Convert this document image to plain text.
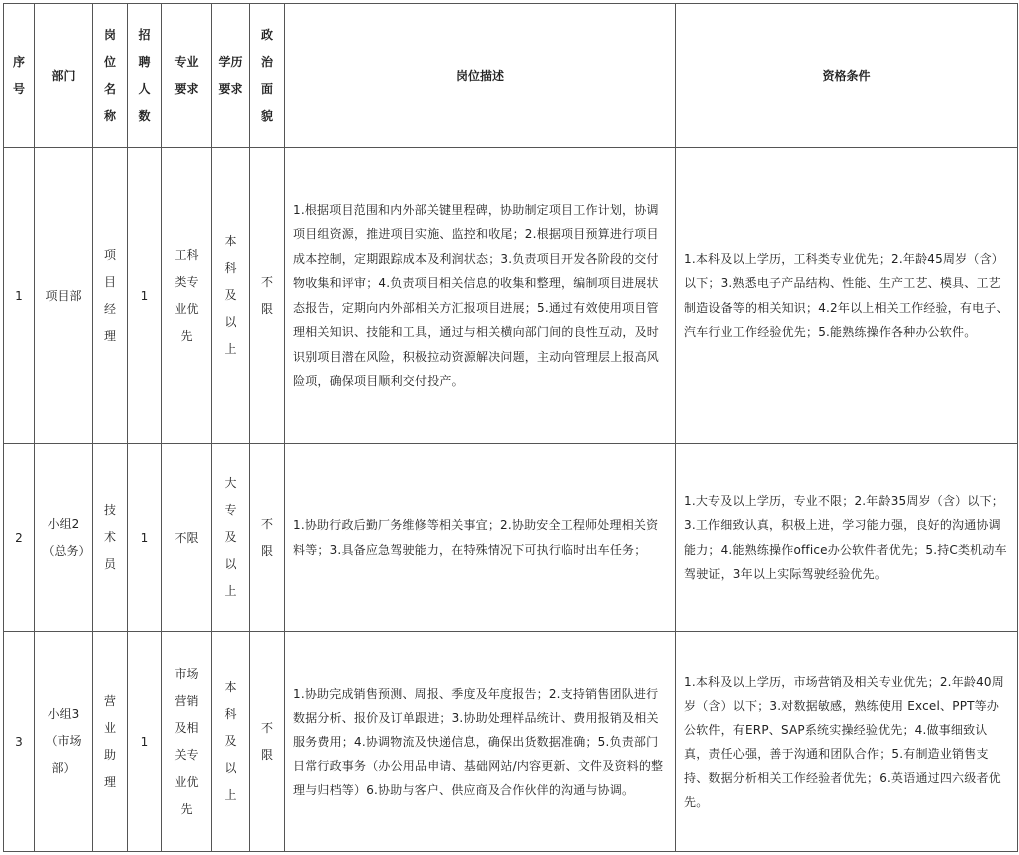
序号	部门	岗位名称	招聘人数	专业要求	学历要求	政治面貌	岗位描述	资格条件
1	项目部	项目经理	1	工科类专业优先	本科及以上	不限	1.根据项目范围和内外部关键里程碑，协助制定项目工作计划，协调项目组资源，推进项目实施、监控和收尾；2.根据项目预算进行项目成本控制，定期跟踪成本及利润状态；3.负责项目开发各阶段的交付物收集和评审；4.负责项目相关信息的收集和整理，编制项目进展状态报告，定期向内外部相关方汇报项目进展；5.通过有效使用项目管理相关知识、技能和工具，通过与相关横向部门间的良性互动，及时识别项目潜在风险，积极拉动资源解决问题，主动向管理层上报高风险项，确保项目顺利交付投产。	1.本科及以上学历，工科类专业优先；2.年龄45周岁（含）以下；3.熟悉电子产品结构、性能、生产工艺、模具、工艺制造设备等的相关知识；4.2年以上相关工作经验，有电子、汽车行业工作经验优先；5.能熟练操作各种办公软件。
2	小组2（总务）	技术员	1	不限	大专及以上	不限	1.协助行政后勤厂务维修等相关事宜；2.协助安全工程师处理相关资料等；3.具备应急驾驶能力，在特殊情况下可执行临时出车任务；	1.大专及以上学历，专业不限；2.年龄35周岁（含）以下；3.工作细致认真，积极上进，学习能力强，良好的沟通协调能力；4.能熟练操作office办公软件者优先；5.持C类机动车驾驶证，3年以上实际驾驶经验优先。
3	小组3（市场部）	营业助理	1	市场营销及相关专业优先	本科及以上	不限	1.协助完成销售预测、周报、季度及年度报告；2.支持销售团队进行数据分析、报价及订单跟进；3.协助处理样品统计、费用报销及相关服务费用；4.协调物流及快递信息，确保出货数据准确；5.负责部门日常行政事务（办公用品申请、基础网站/内容更新、文件及资料的整理与归档等）6.协助与客户、供应商及合作伙伴的沟通与协调。	1.本科及以上学历，市场营销及相关专业优先；2.年龄40周岁（含）以下；3.对数据敏感，熟练使用 Excel、PPT等办公软件，有ERP、SAP系统实操经验优先；4.做事细致认真，责任心强，善于沟通和团队合作；5.有制造业销售支持、数据分析相关工作经验者优先；6.英语通过四六级者优先。
